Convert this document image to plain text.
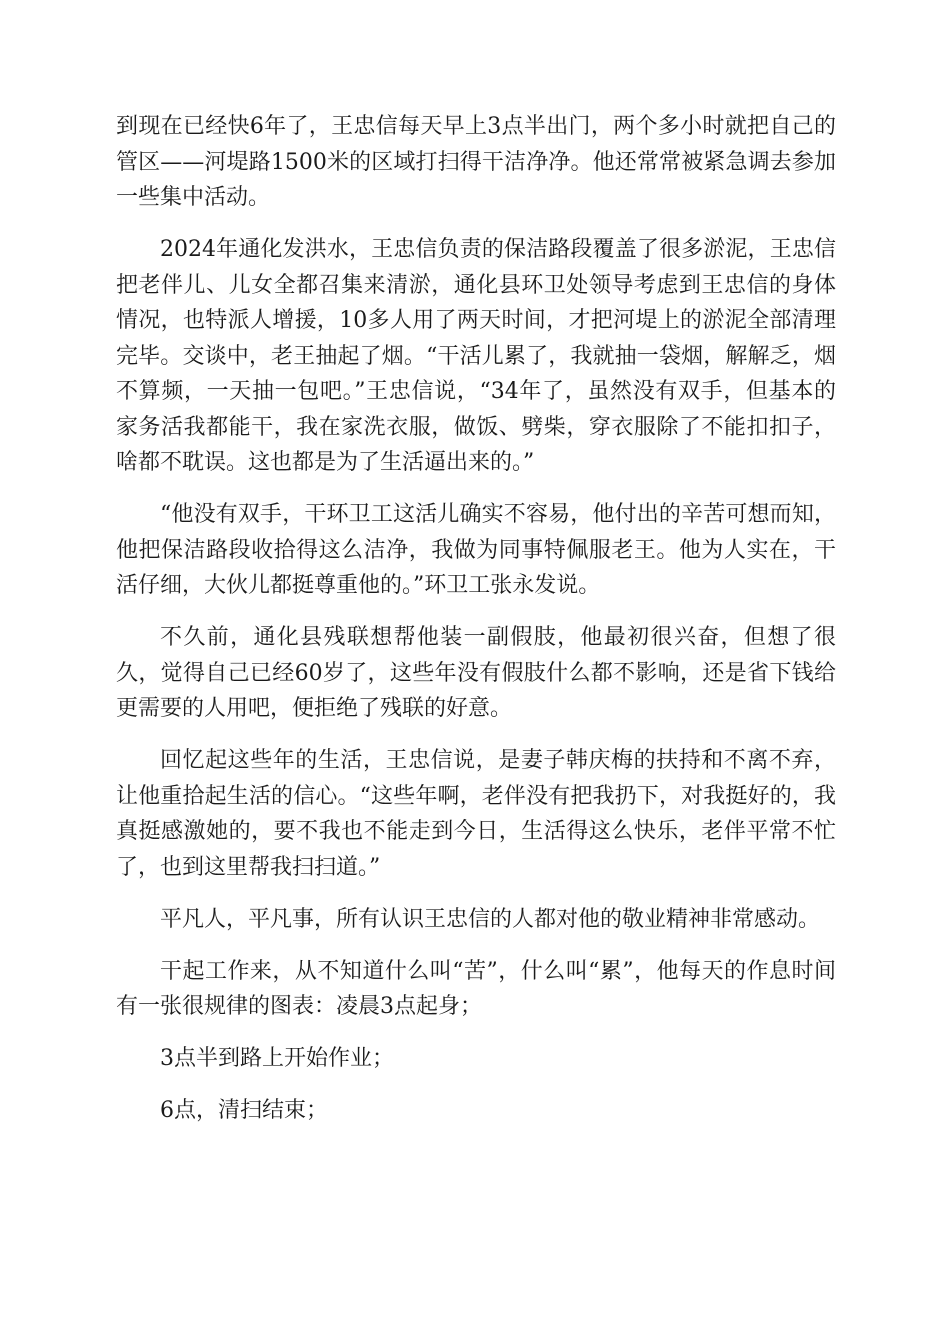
到现在已经快6年了，王忠信每天早上3点半出门，两个多小时就把自己的管区——河堤路1500米的区域打扫得干洁净净。他还常常被紧急调去参加一些集中活动。

2024年通化发洪水，王忠信负责的保洁路段覆盖了很多淤泥，王忠信把老伴儿、儿女全都召集来清淤，通化县环卫处领导考虑到王忠信的身体情况，也特派人增援，10多人用了两天时间，才把河堤上的淤泥全部清理完毕。交谈中，老王抽起了烟。“干活儿累了，我就抽一袋烟，解解乏，烟不算频，一天抽一包吧。”王忠信说，“34年了，虽然没有双手，但基本的家务活我都能干，我在家洗衣服，做饭、劈柴，穿衣服除了不能扣扣子，啥都不耽误。这也都是为了生活逼出来的。”

“他没有双手，干环卫工这活儿确实不容易，他付出的辛苦可想而知，他把保洁路段收拾得这么洁净，我做为同事特佩服老王。他为人实在，干活仔细，大伙儿都挺尊重他的。”环卫工张永发说。

不久前，通化县残联想帮他装一副假肢，他最初很兴奋，但想了很久，觉得自己已经60岁了，这些年没有假肢什么都不影响，还是省下钱给更需要的人用吧，便拒绝了残联的好意。

回忆起这些年的生活，王忠信说，是妻子韩庆梅的扶持和不离不弃，让他重拾起生活的信心。“这些年啊，老伴没有把我扔下，对我挺好的，我真挺感激她的，要不我也不能走到今日，生活得这么快乐，老伴平常不忙了，也到这里帮我扫扫道。”

平凡人，平凡事，所有认识王忠信的人都对他的敬业精神非常感动。

干起工作来，从不知道什么叫“苦”，什么叫“累”，他每天的作息时间有一张很规律的图表：凌晨3点起身；

3点半到路上开始作业；

6点，清扫结束；
